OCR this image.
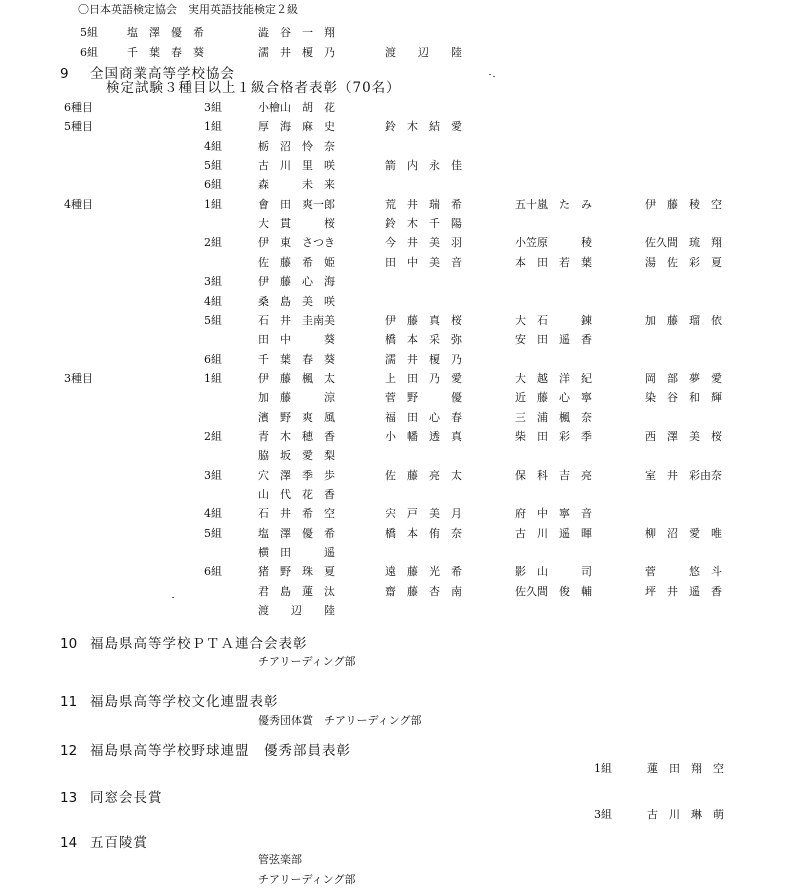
〇日本英語検定協会　実用英語技能検定２級
5組	塩　澤　優　希	澁　谷　一　翔
6組	千　葉　春　葵	濡　井　榎　乃	渡　　辺　　陸
9 全国商業高等学校協会
検定試験３種目以上１級合格者表彰（70名）
6種目	3組	小檜山　胡　花
5種目	1組	厚　海　麻　史	鈴　木　結　愛
4組	栃　沼　怜　奈
5組	古　川　里　咲	箭　内　永　佳
6組	森　　　未　来
4種目	1組	會　田　爽一郎	荒　井　瑞　希	五十嵐　た　み	伊　藤　稜　空
大　貫　　　桜	鈴　木　千　陽
2組	伊　東　さつき	今　井　美　羽	小笠原　　　稜	佐久間　琉　翔
佐　藤　希　姫	田　中　美　音	本　田　若　葉	湯　佐　彩　夏
3組	伊　藤　心　海
4組	桑　島　美　咲
5組	石　井　圭南美	伊　藤　真　桜	大　石　　　錬	加　藤　瑠　依
田　中　　　葵	橋　本　采　弥	安　田　遥　香
6組	千　葉　春　葵	濡　井　榎　乃
3種目	1組	伊　藤　楓　太	上　田　乃　愛	大　越　洋　紀	岡　部　夢　愛
加　藤　　　涼	菅　野　　　優	近　藤　心　寧	染　谷　和　輝
濱　野　爽　風	福　田　心　春	三　浦　楓　奈
2組	青　木　穂　香	小　幡　透　真	柴　田　彩　季	西　澤　美　桜
脇　坂　愛　梨
3組	穴　澤　季　歩	佐　藤　亮　太	保　科　吉　亮	室　井　彩由奈
山　代　花　香
4組	石　井　希　空	宍　戸　美　月	府　中　寧　音
5組	塩　澤　優　希	橋　本　侑　奈	古　川　遥　暉	柳　沼　愛　唯
横　田　　　遥
6組	猪　野　珠　夏	遠　藤　光　希	影　山　　　司	菅　　　悠　斗
君　島　蓮　汰	齋　藤　杏　南	佐久間　俊　輔	坪　井　遥　香
渡　　辺　　陸
10 福島県高等学校ＰＴＡ連合会表彰
チアリーディング部
11 福島県高等学校文化連盟表彰
優秀団体賞　チアリーディング部
12 福島県高等学校野球連盟　優秀部員表彰
1組	蓮　田　翔　空
13 同窓会長賞
3組	古　川　琳　萌
14 五百陵賞
管弦楽部
チアリーディング部
